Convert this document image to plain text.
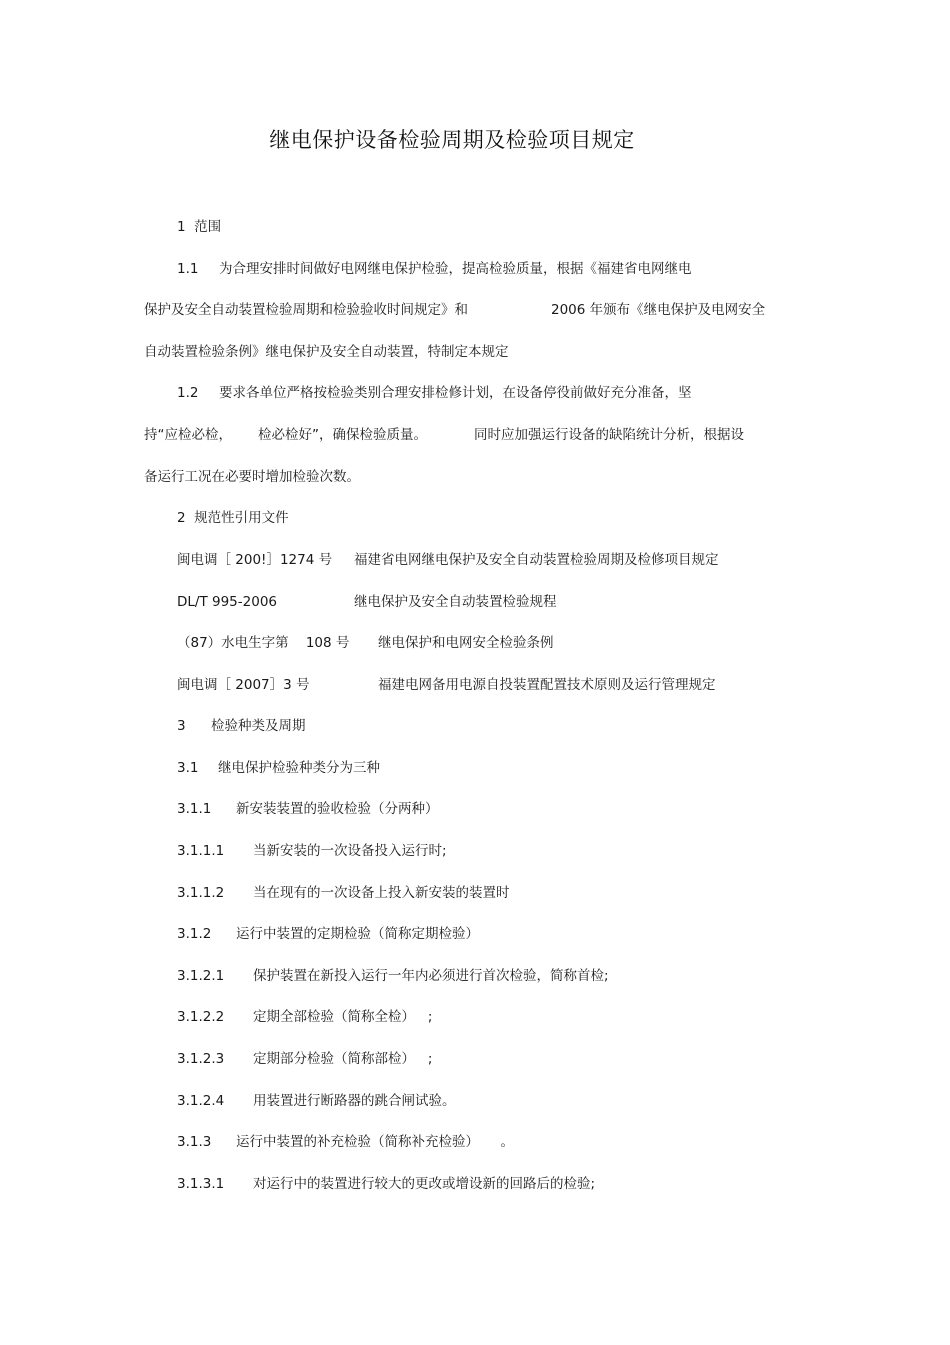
继电保护设备检验周期及检验项目规定
1  范围
1.1 为合理安排时间做好电网继电保护检验，提高检验质量，根据《福建省电网继电
保护及安全自动装置检验周期和检验验收时间规定》和	2006 年颁布《继电保护及电网安全
自动装置检验条例》继电保护及安全自动装置，特制定本规定
1.2 要求各单位严格按检验类别合理安排检修计划，在设备停役前做好充分准备，坚
持“应检必检， 检必检好”，确保检验质量。	同时应加强运行设备的缺陷统计分析，根据设
备运行工况在必要时增加检验次数。
2  规范性引用文件
闽电调［ 200!］1274 号 福建省电网继电保护及安全自动装置检验周期及检修项目规定
DL/T 995-2006	继电保护及安全自动装置检验规程
（87）水电生字第    108 号 继电保护和电网安全检验条例
闽电调［ 2007］3 号	福建电网备用电源自投装置配置技术原则及运行管理规定
3 检验种类及周期
3.1 继电保护检验种类分为三种
3.1.1 新安装装置的验收检验（分两种）
3.1.1.1 当新安装的一次设备投入运行时;
3.1.1.2 当在现有的一次设备上投入新安装的装置时
3.1.2 运行中装置的定期检验（简称定期检验）
3.1.2.1 保护装置在新投入运行一年内必须进行首次检验，简称首检;
3.1.2.2 定期全部检验（简称全检）   ;
3.1.2.3 定期部分检验（简称部检）   ;
3.1.2.4 用装置进行断路器的跳合闸试验。
3.1.3 运行中装置的补充检验（简称补充检验）     。
3.1.3.1 对运行中的装置进行较大的更改或增设新的回路后的检验;
